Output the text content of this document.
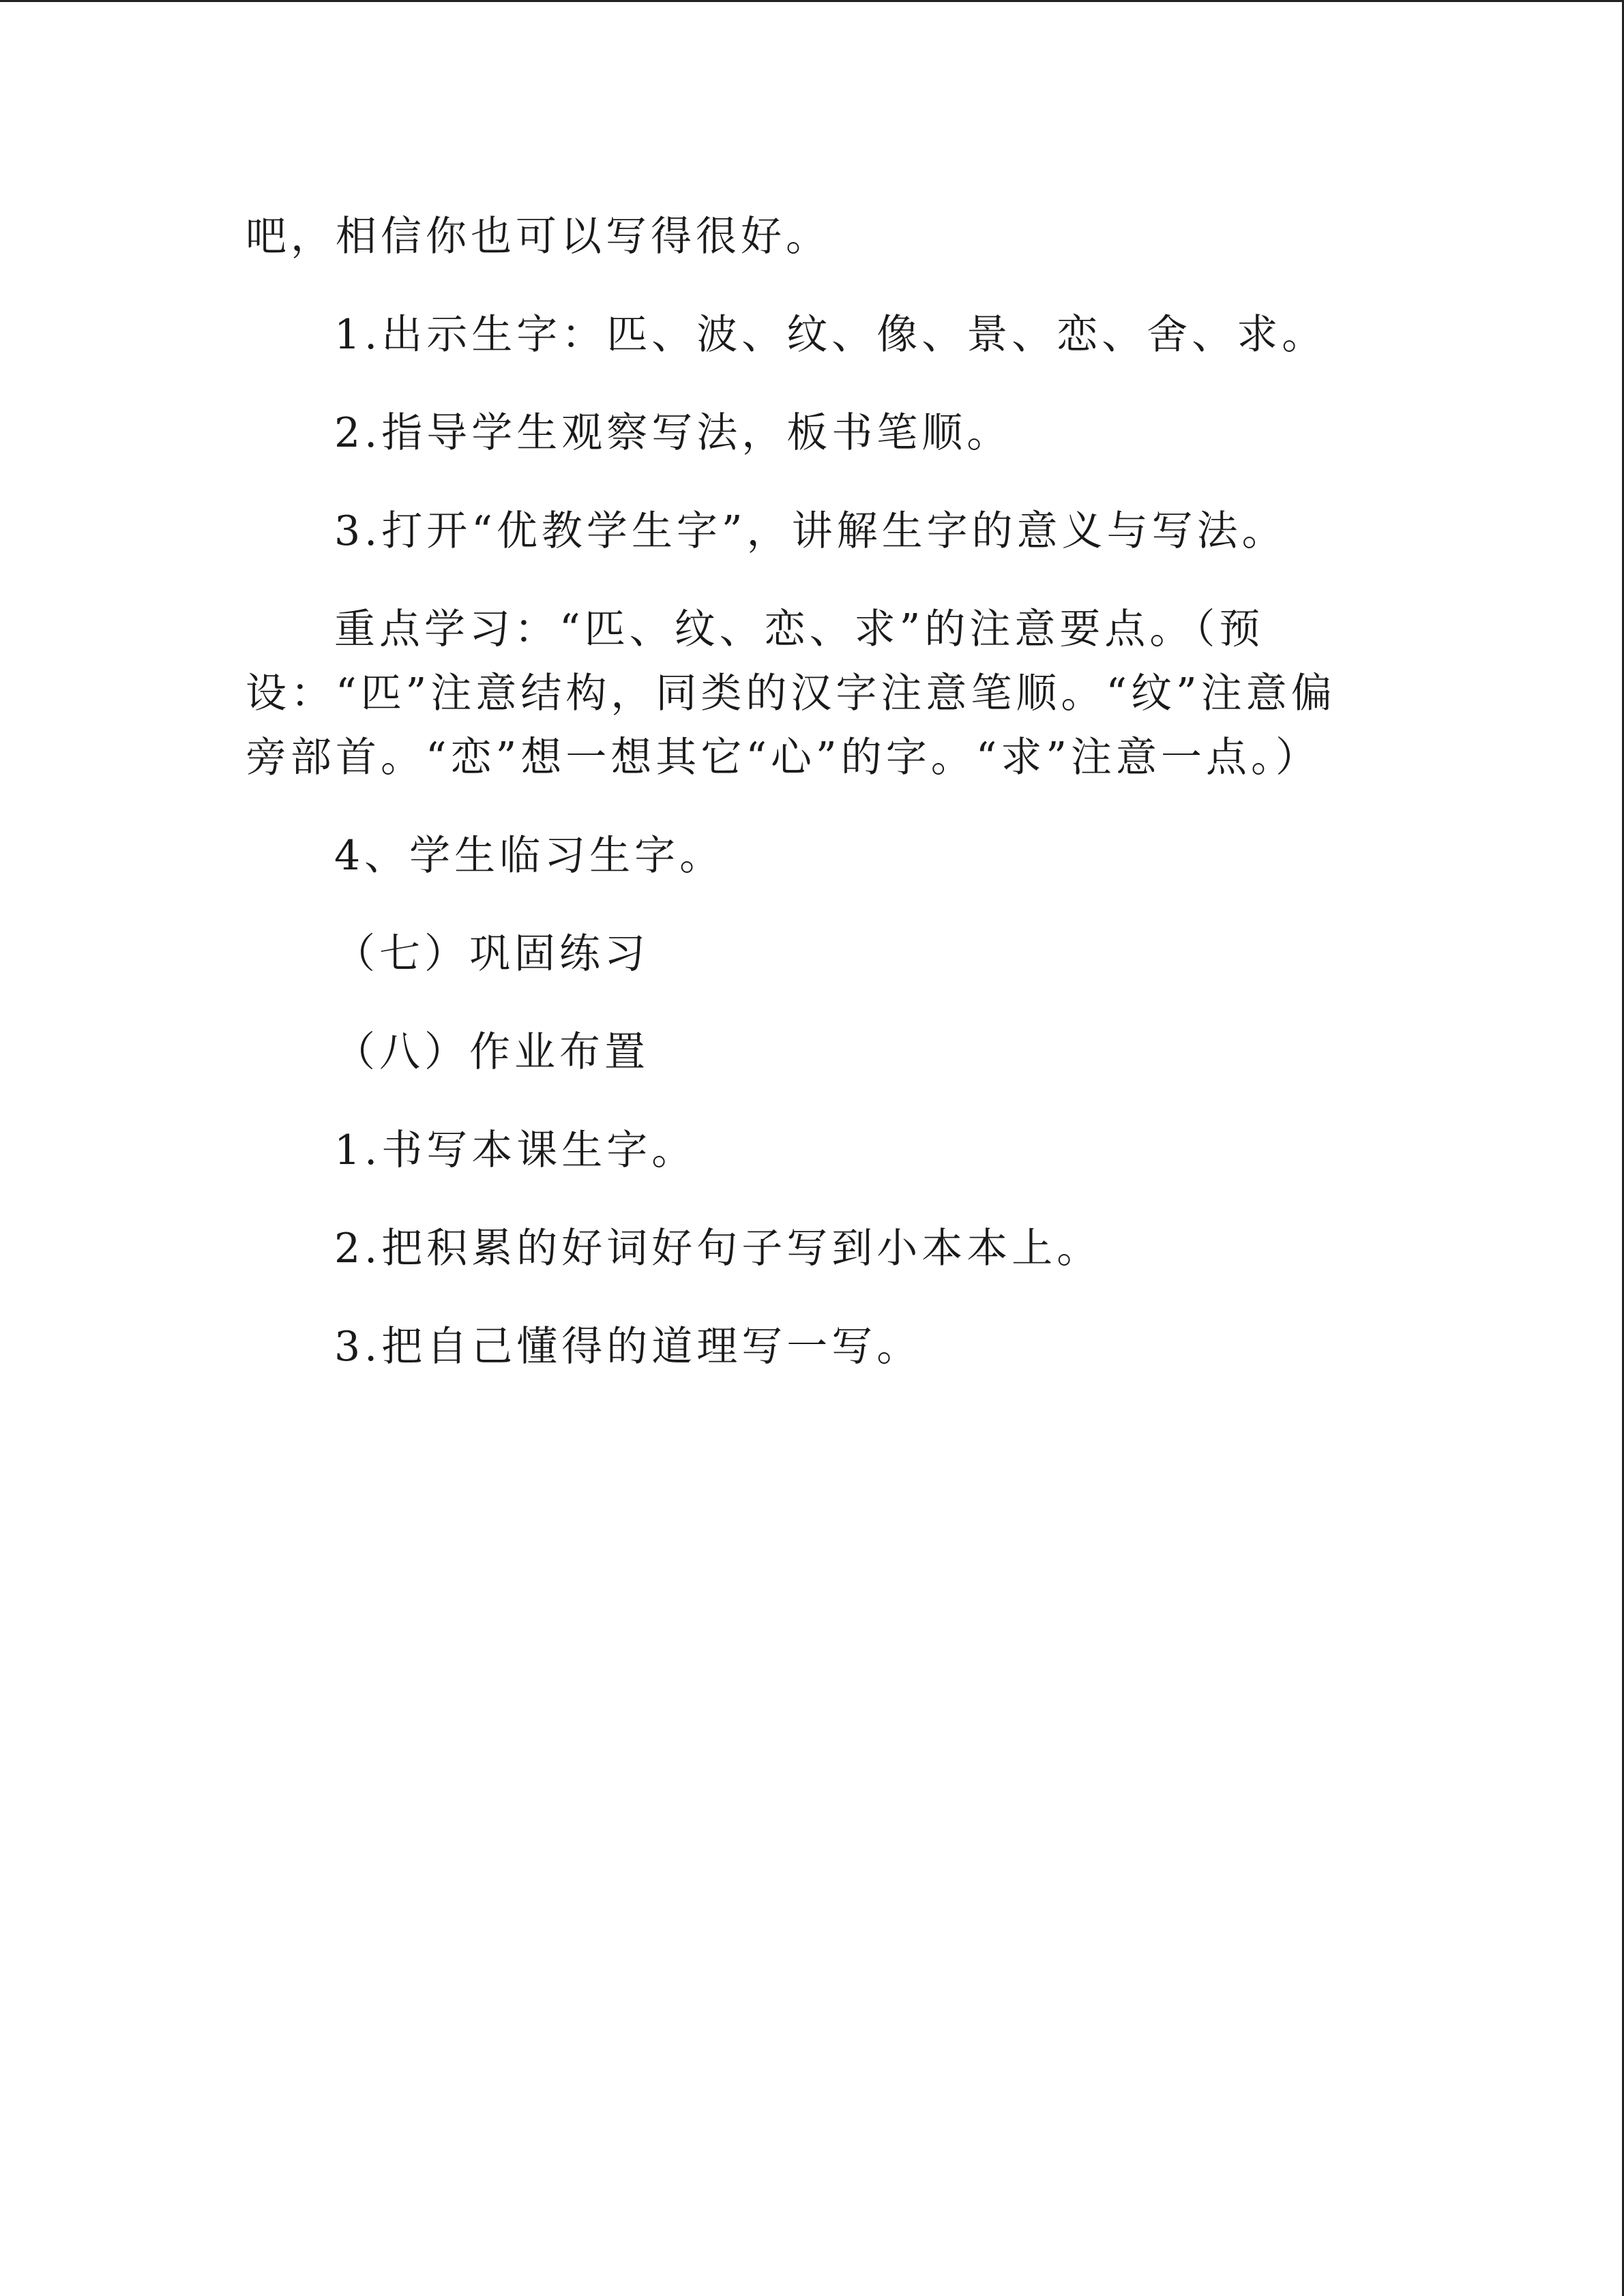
吧，相信你也可以写得很好。

1.出示生字：匹、波、纹、像、景、恋、舍、求。

2.指导学生观察写法，板书笔顺。

3.打开“优教学生字”，讲解生字的意义与写法。

重点学习：“匹、纹、恋、求”的注意要点。（预设：“匹”注意结构，同类的汉字注意笔顺。“纹”注意偏旁部首。“恋”想一想其它“心”的字。“求”注意一点。）

4、学生临习生字。

（七）巩固练习

（八）作业布置

1.书写本课生字。

2.把积累的好词好句子写到小本本上。

3.把自己懂得的道理写一写。
